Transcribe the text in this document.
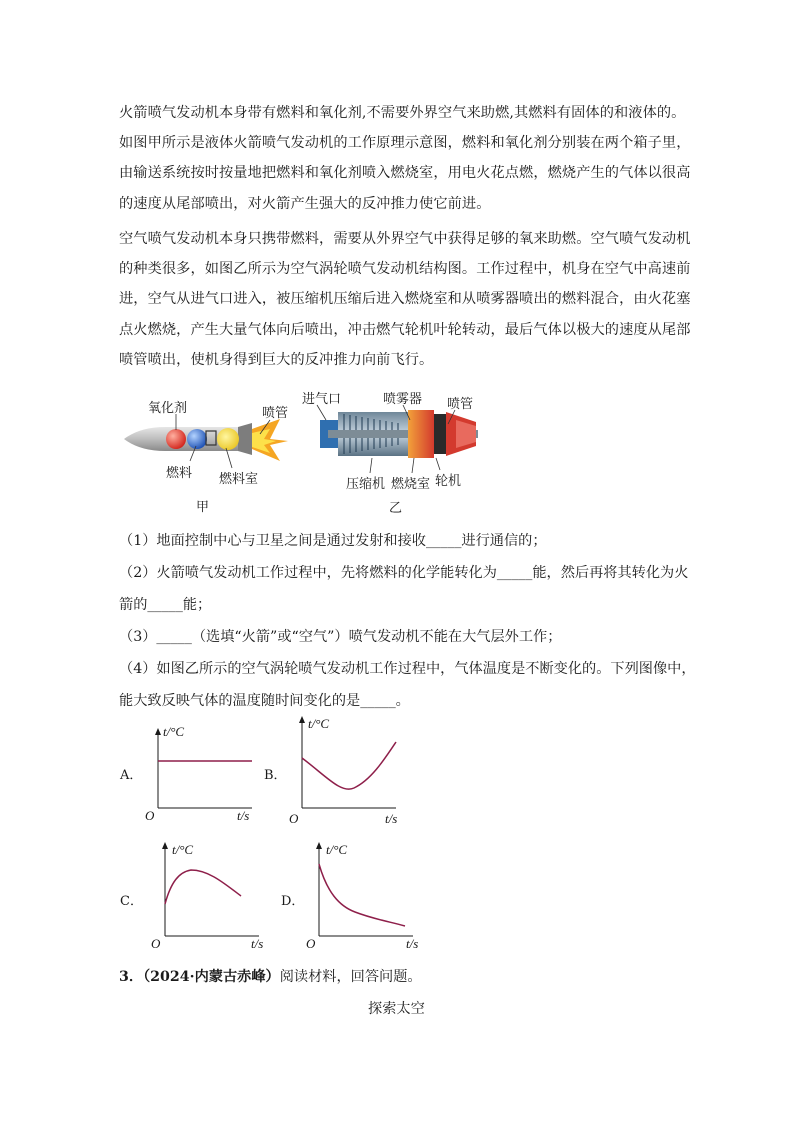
火箭喷气发动机本身带有燃料和氧化剂,不需要外界空气来助燃,其燃料有固体的和液体的。
如图甲所示是液体火箭喷气发动机的工作原理示意图，燃料和氧化剂分别装在两个箱子里，
由输送系统按时按量地把燃料和氧化剂喷入燃烧室，用电火花点燃，燃烧产生的气体以很高
的速度从尾部喷出，对火箭产生强大的反冲推力使它前进。
空气喷气发动机本身只携带燃料，需要从外界空气中获得足够的氧来助燃。空气喷气发动机
的种类很多，如图乙所示为空气涡轮喷气发动机结构图。工作过程中，机身在空气中高速前
进，空气从进气口进入，被压缩机压缩后进入燃烧室和从喷雾器喷出的燃料混合，由火花塞
点火燃烧，产生大量气体向后喷出，冲击燃气轮机叶轮转动，最后气体以极大的速度从尾部
喷管喷出，使机身得到巨大的反冲推力向前飞行。
氧化剂	喷管
燃料 燃料室
甲
进气口	喷雾器 喷管
压缩机 燃烧室 轮机
乙
（1）地面控制中心与卫星之间是通过发射和接收_____进行通信的；
（2）火箭喷气发动机工作过程中，先将燃料的化学能转化为_____能，然后再将其转化为火
箭的_____能；
（3）_____（选填“火箭”或“空气”）喷气发动机不能在大气层外工作；
（4）如图乙所示的空气涡轮喷气发动机工作过程中，气体温度是不断变化的。下列图像中，
能大致反映气体的温度随时间变化的是_____。
A．
t/°C
O	t/s
B．
t/°C
O	t/s
C．
t/°C
O	t/s
D．
t/°C
O	t/s
3．（2024·内蒙古赤峰）阅读材料，回答问题。
探索太空
